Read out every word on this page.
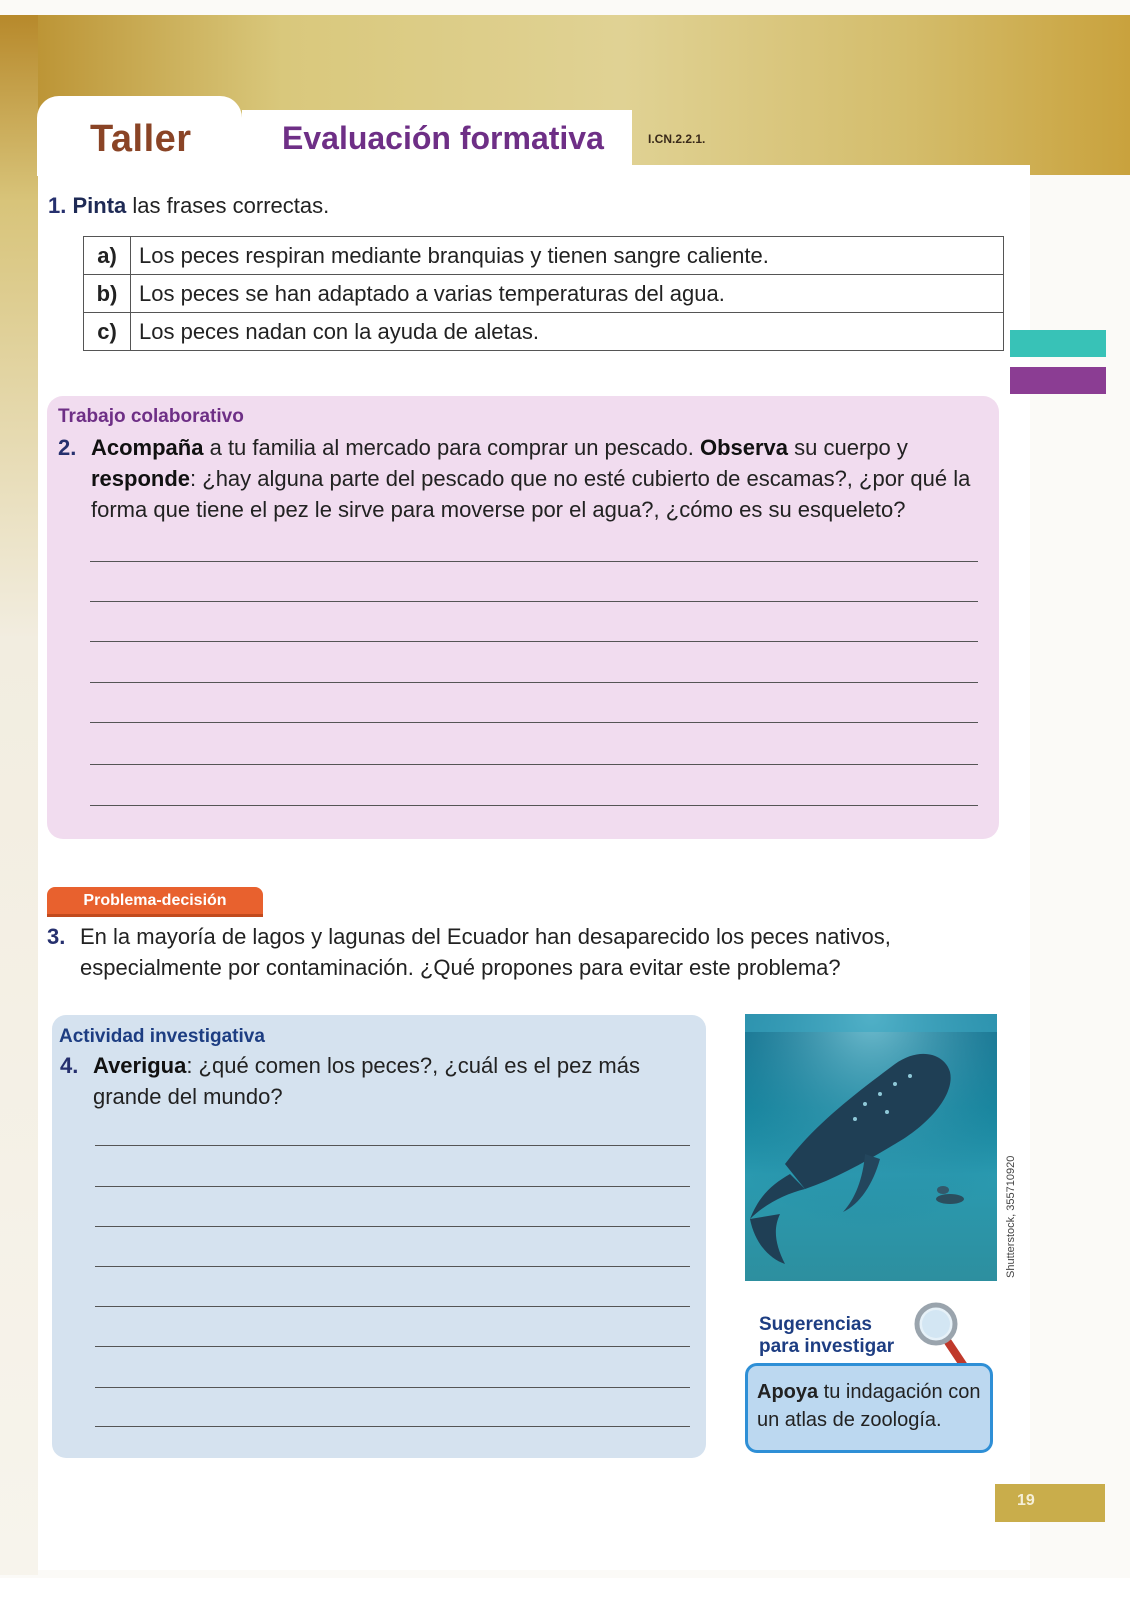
Taller	Evaluación formativa	I.CN.2.2.1.
1. Pinta las frases correctas.
a)	Los peces respiran mediante branquias y tienen sangre caliente.
b)	Los peces se han adaptado a varias temperaturas del agua.
c)	Los peces nadan con la ayuda de aletas.
Trabajo colaborativo
2. Acompaña a tu familia al mercado para comprar un pescado. Observa su cuerpo y responde: ¿hay alguna parte del pescado que no esté cubierto de escamas?, ¿por qué la forma que tiene el pez le sirve para moverse por el agua?, ¿cómo es su esqueleto?
Problema-decisión
3. En la mayoría de lagos y lagunas del Ecuador han desaparecido los peces nativos, especialmente por contaminación. ¿Qué propones para evitar este problema?
Actividad investigativa
4. Averigua: ¿qué comen los peces?, ¿cuál es el pez más grande del mundo?
Shutterstock, 355710920
Sugerencias
para investigar
Apoya tu indagación con un atlas de zoología.
19
